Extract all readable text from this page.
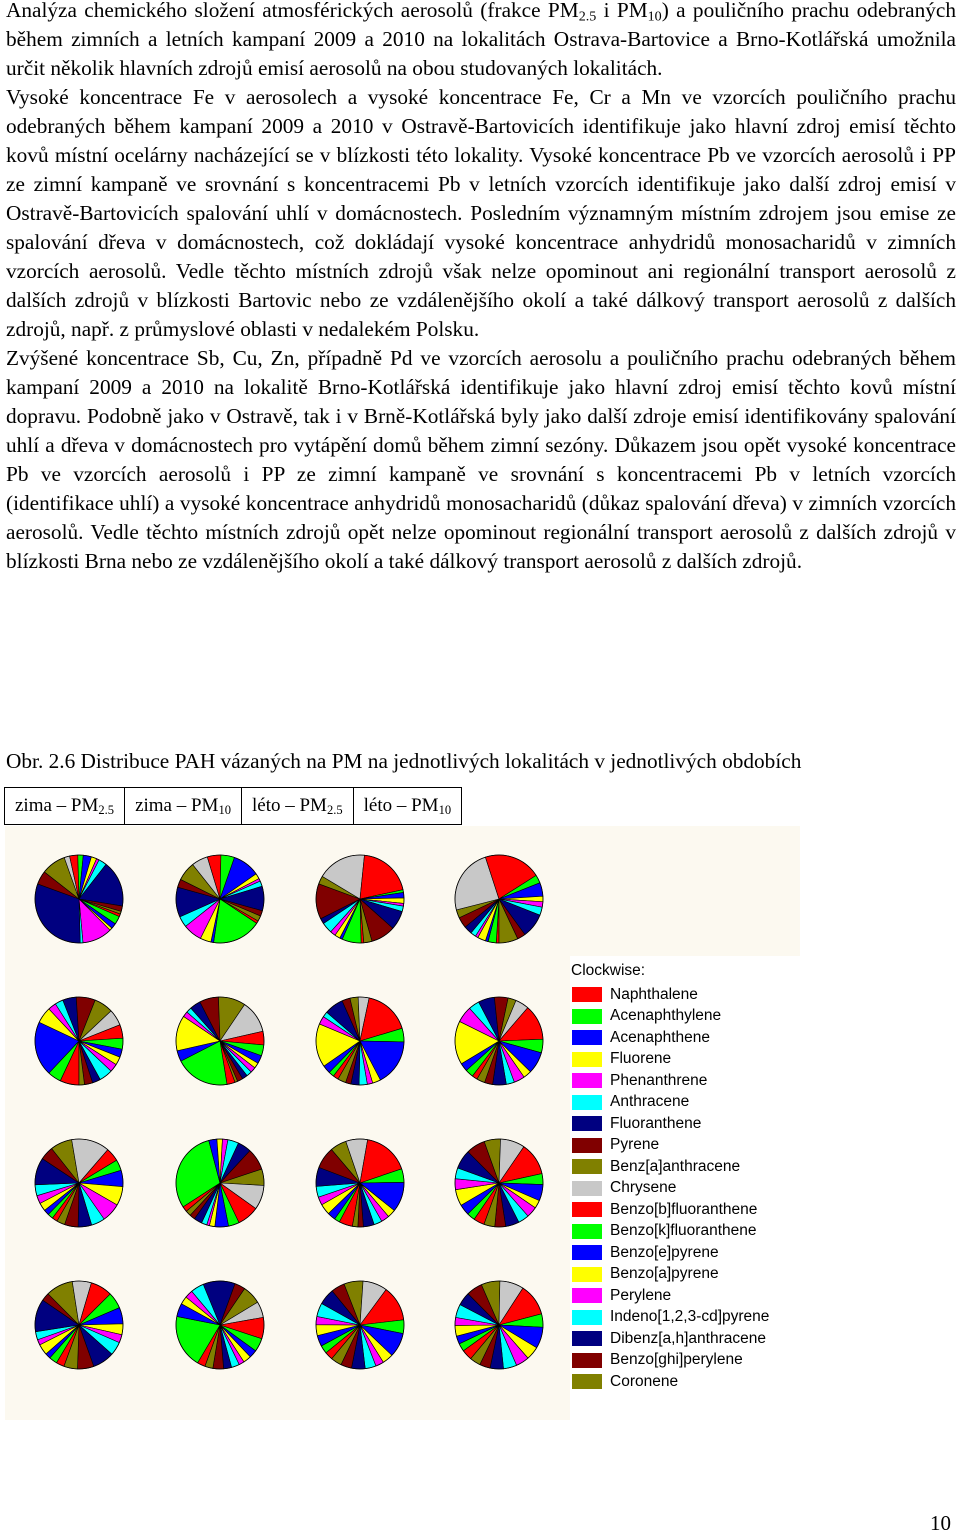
Analýza chemického složení atmosférických aerosolů (frakce $PM_{2.5}$ i $PM_{10}$) a pouličního prachu odebraných během zimních a letních kampaní 2009 a 2010 na lokalitách Ostrava-Bartovice a Brno-Kotlářská umožnila určit několik hlavních zdrojů emisí aerosolů na obou studovaných lokalitách.

Vysoké koncentrace Fe v aerosolech a vysoké koncentrace Fe, Cr a Mn ve vzorcích pouličního prachu odebraných během kampaní 2009 a 2010 v Ostravě-Bartovicích identifikuje jako hlavní zdroj emisí těchto kovů místní ocelárny nacházející se v blízkosti této lokality. Vysoké koncentrace Pb ve vzorcích aerosolů i PP ze zimní kampaně ve srovnání s koncentracemi Pb v letních vzorcích identifikuje jako další zdroj emisí v Ostravě-Bartovicích spalování uhlí v domácnostech. Posledním významným místním zdrojem jsou emise ze spalování dřeva v domácnostech, což dokládají vysoké koncentrace anhydridů monosacharidů v zimních vzorcích aerosolů. Vedle těchto místních zdrojů však nelze opominout ani regionální transport aerosolů z dalších zdrojů v blízkosti Bartovic nebo ze vzdálenějšího okolí a také dálkový transport aerosolů z dalších zdrojů, např. z průmyslové oblasti v nedalekém Polsku.

Zvýšené koncentrace Sb, Cu, Zn, případně Pd ve vzorcích aerosolu a pouličního prachu odebraných během kampaní 2009 a 2010 na lokalitě Brno-Kotlářská identifikuje jako hlavní zdroj emisí těchto kovů místní dopravu. Podobně jako v Ostravě, tak i v Brně-Kotlářská byly jako další zdroje emisí identifikovány spalování uhlí a dřeva v domácnostech pro vytápění domů během zimní sezóny. Důkazem jsou opět vysoké koncentrace Pb ve vzorcích aerosolů i PP ze zimní kampaně ve srovnání s koncentracemi Pb v letních vzorcích (identifikace uhlí) a vysoké koncentrace anhydridů monosacharidů (důkaz spalování dřeva) v zimních vzorcích aerosolů. Vedle těchto místních zdrojů opět nelze opominout regionální transport aerosolů z dalších zdrojů v blízkosti Brna nebo ze vzdálenějšího okolí a také dálkový transport aerosolů z dalších zdrojů.

Obr. 2.6 Distribuce PAH vázaných na PM na jednotlivých lokalitách v jednotlivých obdobích
zima – $PM_{2.5}$	zima – $PM_{10}$	léto – $PM_{2.5}$	léto – $PM_{10}$
Clockwise:
Naphthalene
Acenaphthylene
Acenaphthene
Fluorene
Phenanthrene
Anthracene
Fluoranthene
Pyrene
Benz[a]anthracene
Chrysene
Benzo[b]fluoranthene
Benzo[k]fluoranthene
Benzo[e]pyrene
Benzo[a]pyrene
Perylene
Indeno[1,2,3-cd]pyrene
Dibenz[a,h]anthracene
Benzo[ghi]perylene
Coronene
10
